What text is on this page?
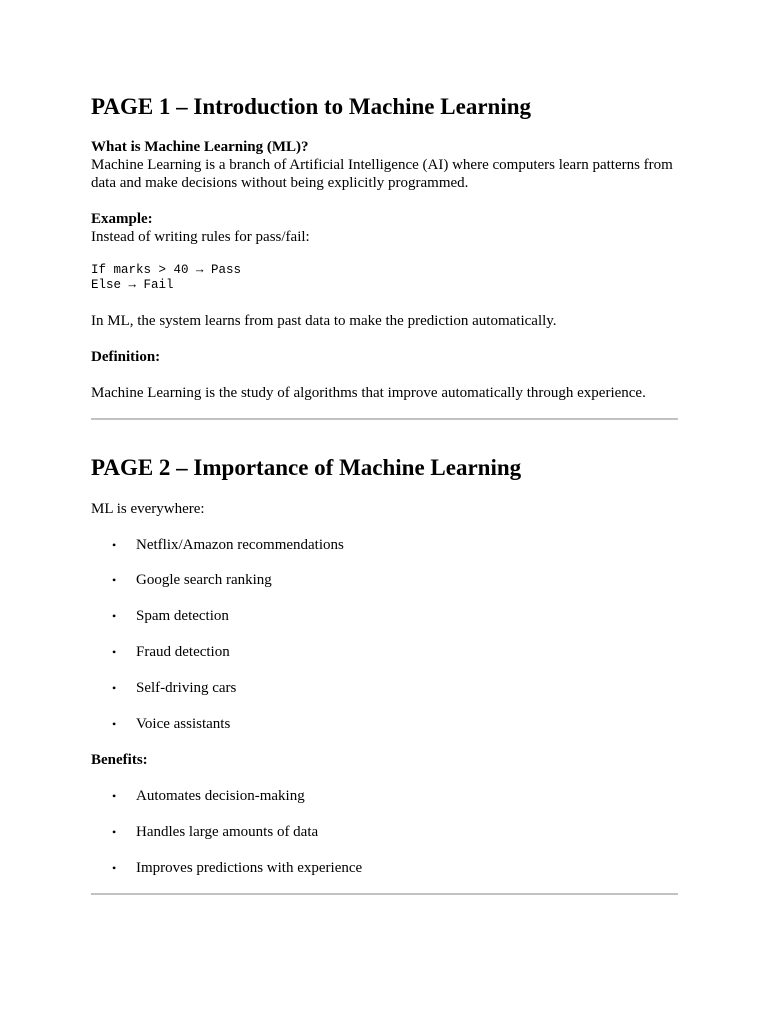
PAGE 1 – Introduction to Machine Learning

What is Machine Learning (ML)?

Machine Learning is a branch of Artificial Intelligence (AI) where computers learn patterns from

data and make decisions without being explicitly programmed.

Example:

Instead of writing rules for pass/fail:

If marks > 40 → Pass
Else → Fail

In ML, the system learns from past data to make the prediction automatically.

Definition:

Machine Learning is the study of algorithms that improve automatically through experience.

PAGE 2 – Importance of Machine Learning

ML is everywhere:

• Netflix/Amazon recommendations
• Google search ranking
• Spam detection
• Fraud detection
• Self-driving cars
• Voice assistants

Benefits:

• Automates decision-making
• Handles large amounts of data
• Improves predictions with experience
